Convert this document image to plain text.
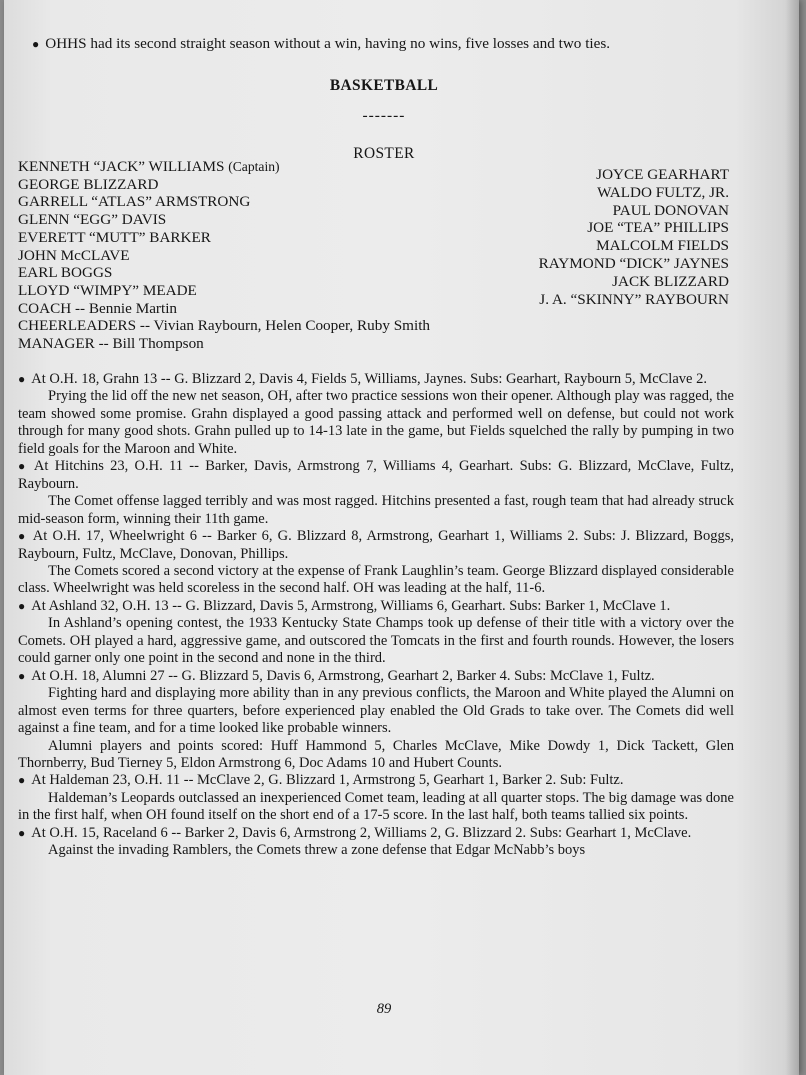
● OHHS had its second straight season without a win, having no wins, five losses and two ties.
BASKETBALL
-------
ROSTER
KENNETH “JACK” WILLIAMS (Captain)
GEORGE BLIZZARD
GARRELL “ATLAS” ARMSTRONG
GLENN “EGG” DAVIS
EVERETT “MUTT” BARKER
JOHN McCLAVE
EARL BOGGS
LLOYD “WIMPY” MEADE
COACH -- Bennie Martin
CHEERLEADERS -- Vivian Raybourn, Helen Cooper, Ruby Smith
MANAGER -- Bill Thompson
JOYCE GEARHART
WALDO FULTZ, JR.
PAUL DONOVAN
JOE “TEA” PHILLIPS
MALCOLM FIELDS
RAYMOND “DICK” JAYNES
JACK BLIZZARD
J. A. “SKINNY” RAYBOURN

● At O.H. 18, Grahn 13 -- G. Blizzard 2, Davis 4, Fields 5, Williams, Jaynes. Subs: Gearhart, Raybourn 5, McClave 2.

Prying the lid off the new net season, OH, after two practice sessions won their opener. Although play was ragged, the team showed some promise. Grahn displayed a good passing attack and performed well on defense, but could not work through for many good shots. Grahn pulled up to 14-13 late in the game, but Fields squelched the rally by pumping in two field goals for the Maroon and White.

● At Hitchins 23, O.H. 11 -- Barker, Davis, Armstrong 7, Williams 4, Gearhart. Subs: G. Blizzard, McClave, Fultz, Raybourn.

The Comet offense lagged terribly and was most ragged. Hitchins presented a fast, rough team that had already struck mid-season form, winning their 11th game.

● At O.H. 17, Wheelwright 6 -- Barker 6, G. Blizzard 8, Armstrong, Gearhart 1, Williams 2. Subs: J. Blizzard, Boggs, Raybourn, Fultz, McClave, Donovan, Phillips.

The Comets scored a second victory at the expense of Frank Laughlin’s team. George Blizzard displayed considerable class. Wheelwright was held scoreless in the second half. OH was leading at the half, 11-6.

● At Ashland 32, O.H. 13 -- G. Blizzard, Davis 5, Armstrong, Williams 6, Gearhart. Subs: Barker 1, McClave 1.

In Ashland’s opening contest, the 1933 Kentucky State Champs took up defense of their title with a victory over the Comets. OH played a hard, aggressive game, and outscored the Tomcats in the first and fourth rounds. However, the losers could garner only one point in the second and none in the third.

● At O.H. 18, Alumni 27 -- G. Blizzard 5, Davis 6, Armstrong, Gearhart 2, Barker 4. Subs: McClave 1, Fultz.

Fighting hard and displaying more ability than in any previous conflicts, the Maroon and White played the Alumni on almost even terms for three quarters, before experienced play enabled the Old Grads to take over. The Comets did well against a fine team, and for a time looked like probable winners.

Alumni players and points scored: Huff Hammond 5, Charles McClave, Mike Dowdy 1, Dick Tackett, Glen Thornberry, Bud Tierney 5, Eldon Armstrong 6, Doc Adams 10 and Hubert Counts.

● At Haldeman 23, O.H. 11 -- McClave 2, G. Blizzard 1, Armstrong 5, Gearhart 1, Barker 2. Sub: Fultz.

Haldeman’s Leopards outclassed an inexperienced Comet team, leading at all quarter stops. The big damage was done in the first half, when OH found itself on the short end of a 17-5 score. In the last half, both teams tallied six points.

● At O.H. 15, Raceland 6 -- Barker 2, Davis 6, Armstrong 2, Williams 2, G. Blizzard 2. Subs: Gearhart 1, McClave.

Against the invading Ramblers, the Comets threw a zone defense that Edgar McNabb’s boys

89
